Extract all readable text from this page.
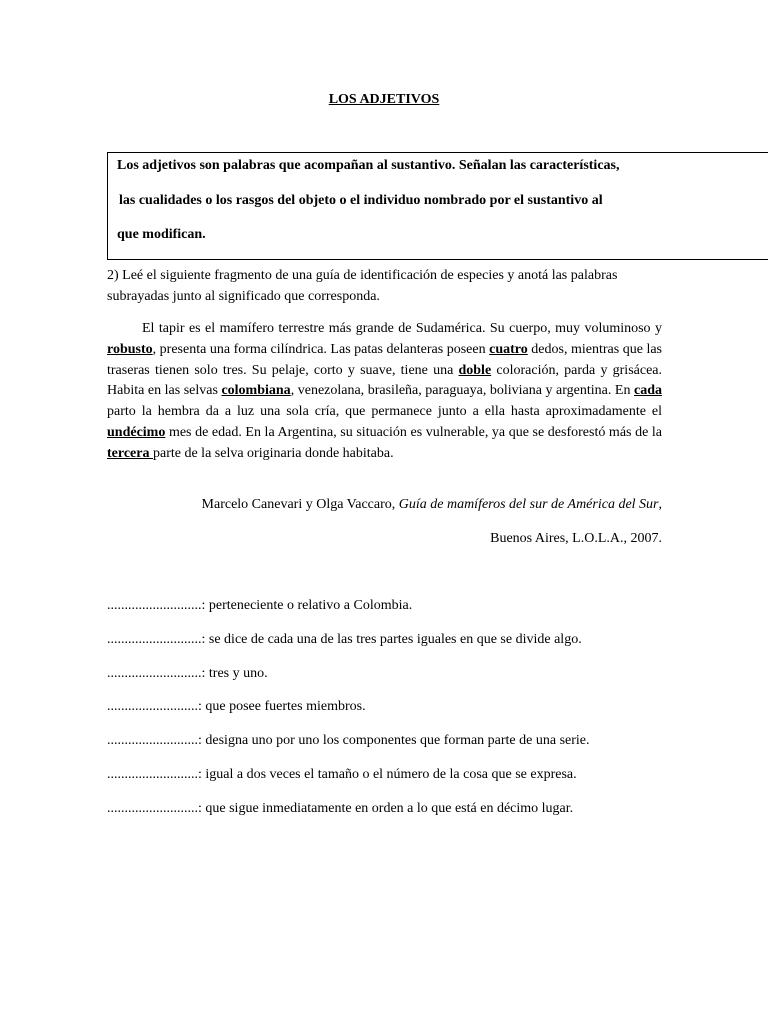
LOS ADJETIVOS
Los adjetivos son palabras que acompañan al sustantivo. Señalan las características,
las cualidades o los rasgos del objeto o el individuo nombrado por el sustantivo al
que modifican.
2) Leé el siguiente fragmento de una guía de identificación de especies y anotá las palabras subrayadas junto al significado que corresponda.

El tapir es el mamífero terrestre más grande de Sudamérica. Su cuerpo, muy voluminoso y robusto, presenta una forma cilíndrica. Las patas delanteras poseen cuatro dedos, mientras que las traseras tienen solo tres. Su pelaje, corto y suave, tiene una doble coloración, parda y grisácea. Habita en las selvas colombiana, venezolana, brasileña, paraguaya, boliviana y argentina. En cada parto la hembra da a luz una sola cría, que permanece junto a ella hasta aproximadamente el undécimo mes de edad. En la Argentina, su situación es vulnerable, ya que se desforestó más de la tercera parte de la selva originaria donde habitaba.

Marcelo Canevari y Olga Vaccaro, Guía de mamíferos del sur de América del Sur,
Buenos Aires, L.O.L.A., 2007.
...........................: perteneciente o relativo a Colombia.
...........................: se dice de cada una de las tres partes iguales en que se divide algo.
...........................: tres y uno.
..........................: que posee fuertes miembros.
..........................: designa uno por uno los componentes que forman parte de una serie.
..........................: igual a dos veces el tamaño o el número de la cosa que se expresa.
..........................: que sigue inmediatamente en orden a lo que está en décimo lugar.
